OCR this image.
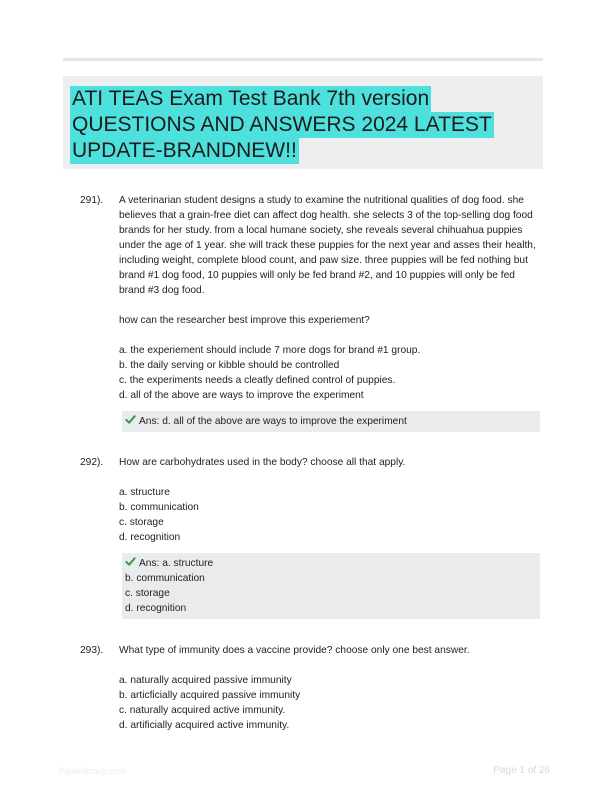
ATI TEAS Exam Test Bank 7th version
QUESTIONS AND ANSWERS 2024 LATEST
UPDATE-BRANDNEW!!
291).	A veterinarian student designs a study to examine the nutritional qualities of dog food. she believes that a grain-free diet can affect dog health. she selects 3 of the top-selling dog food brands for her study. from a local humane society, she reveals several chihuahua puppies under the age of 1 year. she will track these puppies for the next year and asses their health, including weight, complete blood count, and paw size. three puppies will be fed nothing but brand #1 dog food, 10 puppies will only be fed brand #2, and 10 puppies will only be fed brand #3 dog food.

how can the researcher best improve this experiement?

a. the experiement should include 7 more dogs for brand #1 group.

b. the daily serving or kibble should be controlled

c. the experiments needs a cleatly defined control of puppies.

d. all of the above are ways to improve the experiment

Ans: d. all of the above are ways to improve the experiment

292).	How are carbohydrates used in the body? choose all that apply.

a. structure

b. communication

c. storage

d. recognition

Ans: a. structure

b. communication

c. storage

d. recognition

293).	What type of immunity does a vaccine provide? choose only one best answer.

a. naturally acquired passive immunity

b. articficially acquired passive immunity

c. naturally acquired active immunity.

d. artificially acquired active immunity.

Paperlibrary.com	Page 1 of 26
